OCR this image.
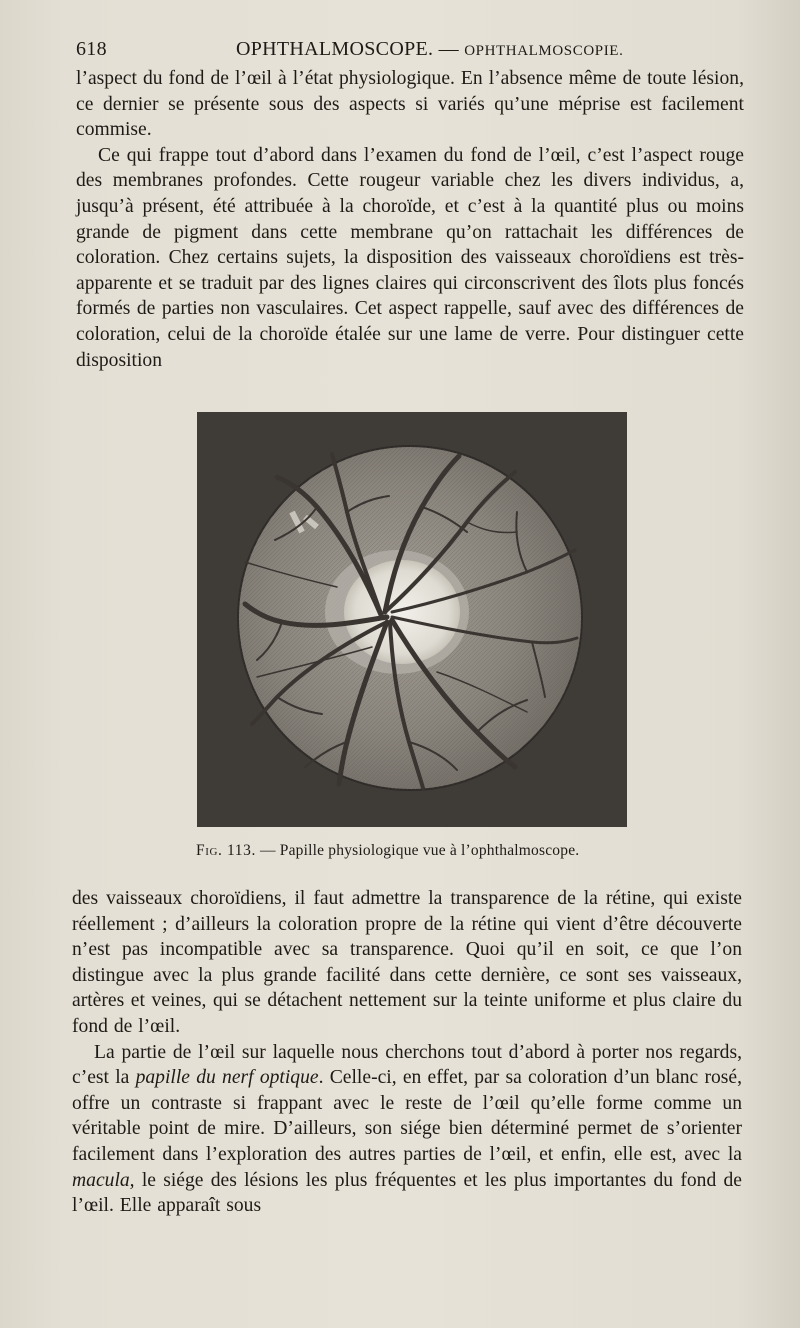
618	OPHTHALMOSCOPE. — OPHTHALMOSCOPIE.

l’aspect du fond de l’œil à l’état physiologique. En l’absence même de toute lésion, ce dernier se présente sous des aspects si variés qu’une méprise est facilement commise.

Ce qui frappe tout d’abord dans l’examen du fond de l’œil, c’est l’aspect rouge des membranes profondes. Cette rougeur variable chez les divers individus, a, jusqu’à présent, été attribuée à la choroïde, et c’est à la quantité plus ou moins grande de pigment dans cette membrane qu’on rattachait les différences de coloration. Chez certains sujets, la disposition des vaisseaux choroïdiens est très-apparente et se traduit par des lignes claires qui circonscrivent des îlots plus foncés formés de parties non vasculaires. Cet aspect rappelle, sauf avec des différences de coloration, celui de la choroïde étalée sur une lame de verre. Pour distinguer cette disposition

Fig. 113. — Papille physiologique vue à l’ophthalmoscope.

des vaisseaux choroïdiens, il faut admettre la transparence de la rétine, qui existe réellement ; d’ailleurs la coloration propre de la rétine qui vient d’être découverte n’est pas incompatible avec sa transparence. Quoi qu’il en soit, ce que l’on distingue avec la plus grande facilité dans cette dernière, ce sont ses vaisseaux, artères et veines, qui se détachent nettement sur la teinte uniforme et plus claire du fond de l’œil.

La partie de l’œil sur laquelle nous cherchons tout d’abord à porter nos regards, c’est la papille du nerf optique. Celle-ci, en effet, par sa coloration d’un blanc rosé, offre un contraste si frappant avec le reste de l’œil qu’elle forme comme un véritable point de mire. D’ailleurs, son siége bien déterminé permet de s’orienter facilement dans l’exploration des autres parties de l’œil, et enfin, elle est, avec la macula, le siége des lésions les plus fréquentes et les plus importantes du fond de l’œil. Elle apparaît sous
